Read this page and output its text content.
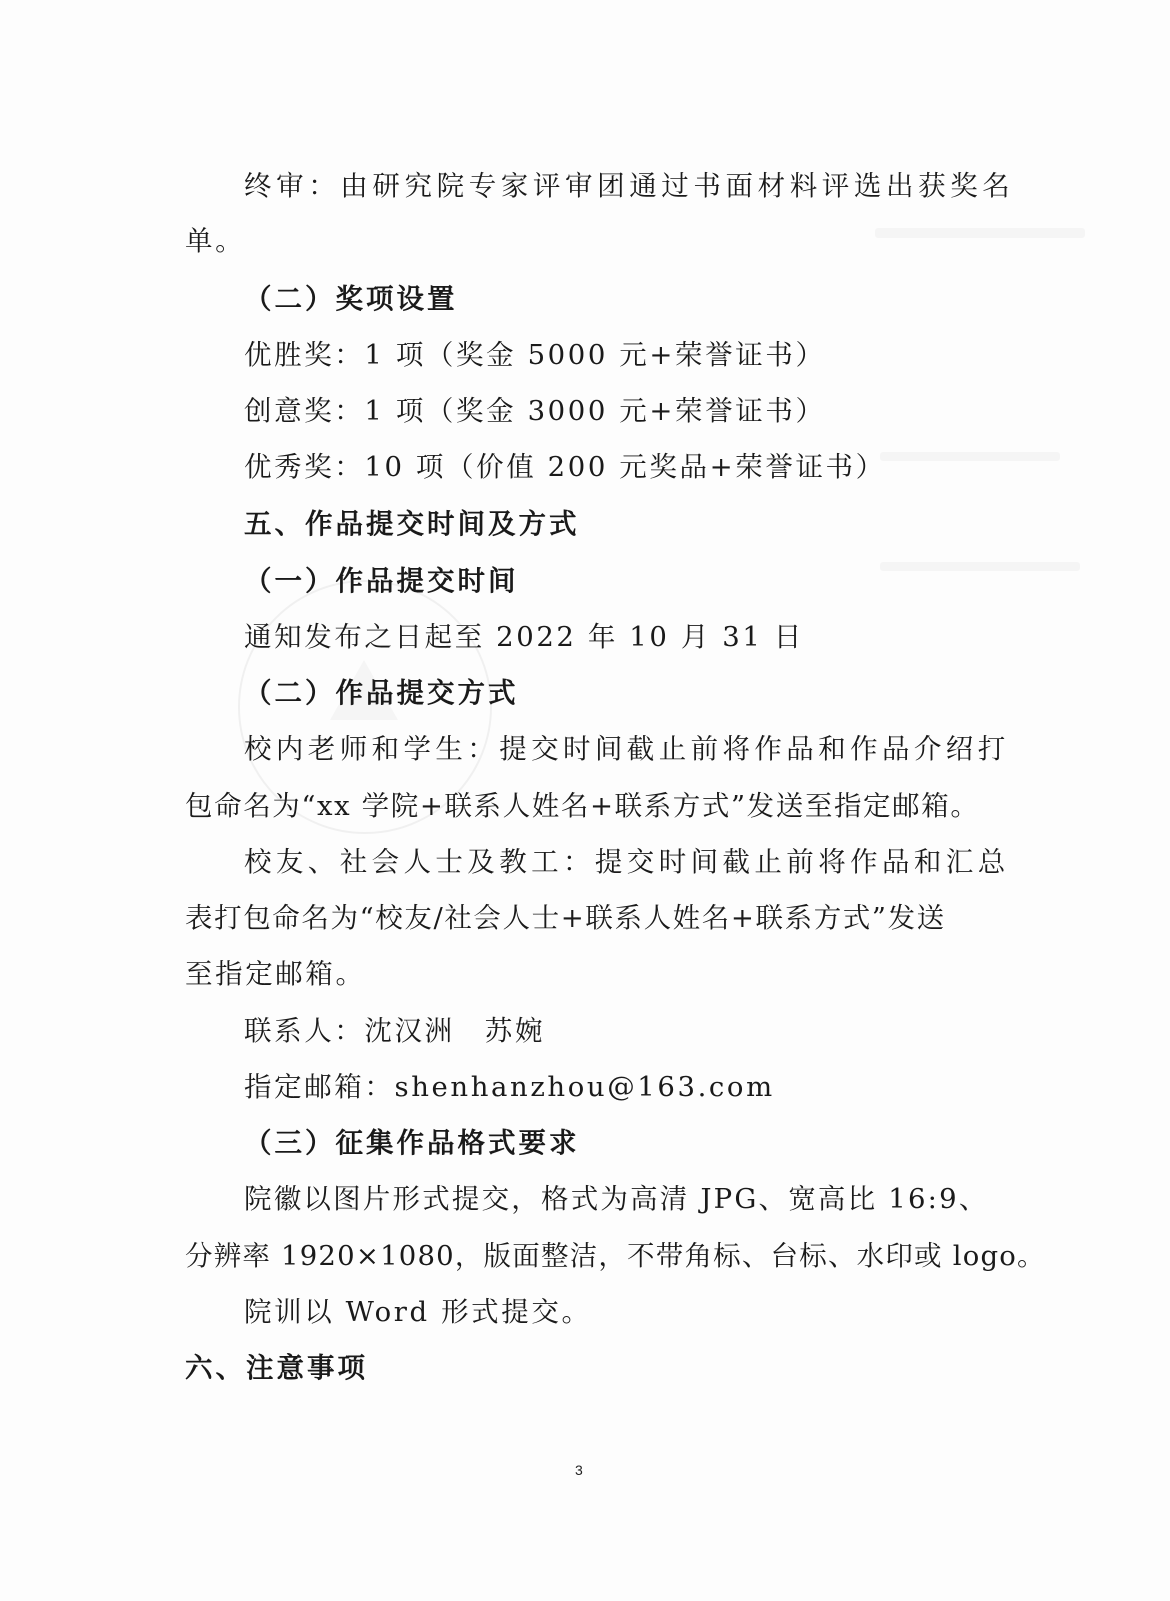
终审：由研究院专家评审团通过书面材料评选出获奖名
单。
（二）奖项设置
优胜奖：1 项（奖金 5000 元+荣誉证书）
创意奖：1 项（奖金 3000 元+荣誉证书）
优秀奖：10 项（价值 200 元奖品+荣誉证书）
五、作品提交时间及方式
（一）作品提交时间
通知发布之日起至 2022 年 10 月 31 日
（二）作品提交方式
校内老师和学生：提交时间截止前将作品和作品介绍打
包命名为“xx 学院+联系人姓名+联系方式”发送至指定邮箱。
校友、社会人士及教工：提交时间截止前将作品和汇总
表打包命名为“校友/社会人士+联系人姓名+联系方式”发送
至指定邮箱。
联系人：沈汉洲　苏婉
指定邮箱：shenhanzhou@163.com
（三）征集作品格式要求
院徽以图片形式提交，格式为高清 JPG、宽高比 16:9、
分辨率 1920×1080，版面整洁，不带角标、台标、水印或 logo。
院训以 Word 形式提交。
六、注意事项
3
